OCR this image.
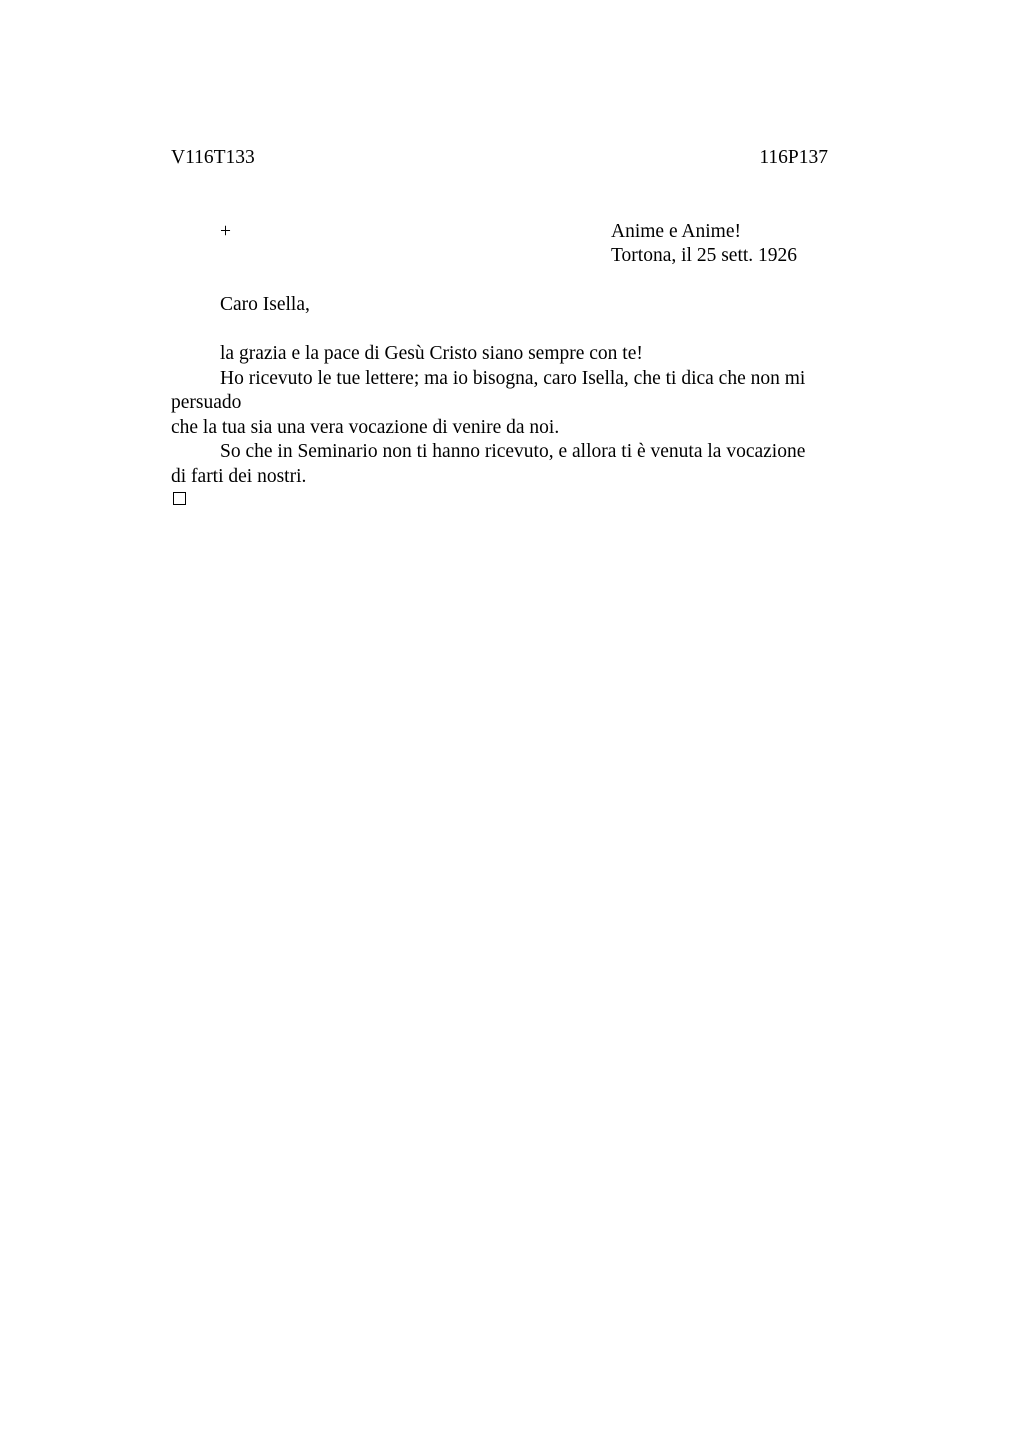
V116T133	116P137
+	Anime e Anime!
Tortona, il 25 sett. 1926
Caro Isella,
la grazia e la pace di Gesù Cristo siano sempre con te!
Ho ricevuto le tue lettere; ma io bisogna, caro Isella, che ti dica che non mi
persuado
che la tua sia una vera vocazione di venire da noi.
So che in Seminario non ti hanno ricevuto, e allora ti è venuta la vocazione
di farti dei nostri.
